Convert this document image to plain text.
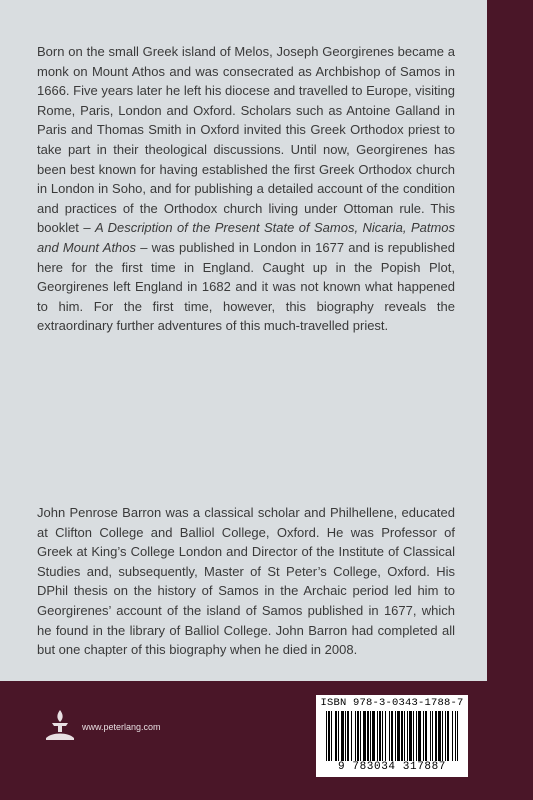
Born on the small Greek island of Melos, Joseph Georgirenes became a monk on Mount Athos and was consecrated as Archbishop of Samos in 1666. Five years later he left his diocese and travelled to Europe, visiting Rome, Paris, London and Oxford. Scholars such as Antoine Galland in Paris and Thomas Smith in Oxford invited this Greek Orthodox priest to take part in their theological discussions. Until now, Georgirenes has been best known for having established the first Greek Orthodox church in London in Soho, and for publishing a detailed account of the condition and practices of the Orthodox church living under Ottoman rule. This booklet – A Description of the Present State of Samos, Nicaria, Patmos and Mount Athos – was published in London in 1677 and is republished here for the first time in England. Caught up in the Popish Plot, Georgirenes left England in 1682 and it was not known what happened to him. For the first time, however, this biography reveals the extraordinary further adventures of this much-travelled priest.

John Penrose Barron was a classical scholar and Philhellene, educated at Clifton College and Balliol College, Oxford. He was Professor of Greek at King’s College London and Director of the Institute of Classical Studies and, subsequently, Master of St Peter’s College, Oxford. His DPhil thesis on the history of Samos in the Archaic period led him to Georgirenes’ account of the island of Samos published in 1677, which he found in the library of Balliol College. John Barron had completed all but one chapter of this biography when he died in 2008.

www.peterlang.com
ISBN 978-3-0343-1788-7
9 783034 317887
